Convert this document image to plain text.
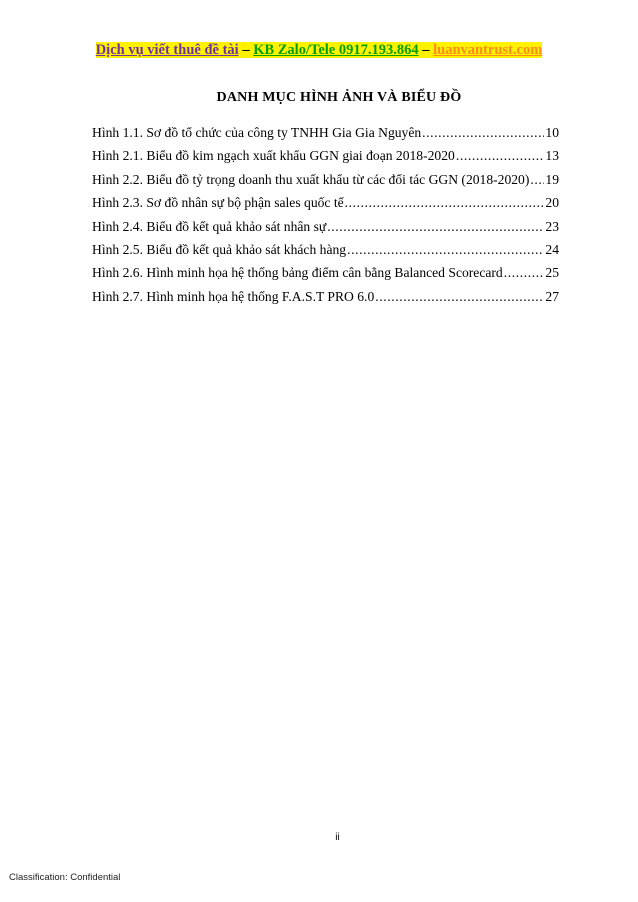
Dịch vụ viết thuê đề tài – KB Zalo/Tele 0917.193.864 – luanvantrust.com
DANH MỤC HÌNH ẢNH VÀ BIỂU ĐỒ
Hình 1.1. Sơ đồ tổ chức của công ty TNHH Gia Gia Nguyên .....	10
Hình 2.1. Biểu đồ kim ngạch xuất khẩu GGN giai đoạn 2018-2020 .....	13
Hình 2.2. Biểu đồ tỷ trọng doanh thu xuất khẩu từ các đối tác GGN (2018-2020) ..... 19
Hình 2.3. Sơ đồ nhân sự bộ phận sales quốc tế .....	20
Hình 2.4. Biểu đồ kết quả khảo sát nhân sự .....	23
Hình 2.5. Biểu đồ kết quả khảo sát khách hàng .....	24
Hình 2.6. Hình minh họa hệ thống bảng điểm cân bằng Balanced Scorecard .....	25
Hình 2.7. Hình minh họa hệ thống F.A.S.T PRO 6.0 .....	27
ii
Classification: Confidential
